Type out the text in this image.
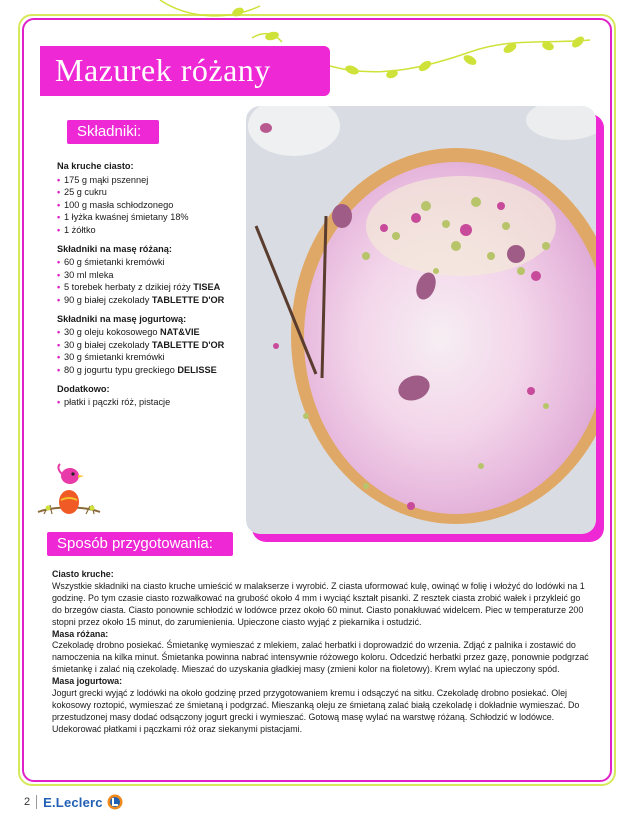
Mazurek różany
Składniki:
Na kruche ciasto:
• 175 g mąki pszennej
• 25 g cukru
• 100 g masła schłodzonego
• 1 łyżka kwaśnej śmietany 18%
• 1 żółtko
Składniki na masę różaną:
• 60 g śmietanki kremówki
• 30 ml mleka
• 5 torebek herbaty z dzikiej róży TISEA
• 90 g białej czekolady TABLETTE D'OR
Składniki na masę jogurtową:
• 30 g oleju kokosowego NAT&VIE
• 30 g białej czekolady TABLETTE D'OR
• 30 g śmietanki kremówki
• 80 g jogurtu typu greckiego DELISSE
Dodatkowo:
• płatki i pączki róż, pistacje
Sposób przygotowania:
Ciasto kruche:
Wszystkie składniki na ciasto kruche umieścić w malakserze i wyrobić. Z ciasta uformować kulę, owinąć w folię i włożyć do lodówki na 1 godzinę. Po tym czasie ciasto rozwałkować na grubość około 4 mm i wyciąć kształt pisanki. Z resztek ciasta zrobić wałek i przykleić go do brzegów ciasta. Ciasto ponownie schłodzić w lodówce przez około 60 minut. Ciasto ponakłuwać widelcem. Piec w temperaturze 200 stopni przez około 15 minut, do zarumienienia. Upieczone ciasto wyjąć z piekarnika i ostudzić.
Masa różana:
Czekoladę drobno posiekać. Śmietankę wymieszać z mlekiem, zalać herbatki i doprowadzić do wrzenia. Zdjąć z palnika i zostawić do namoczenia na kilka minut. Śmietanka powinna nabrać intensywnie różowego koloru. Odcedzić herbatki przez gazę, ponownie podgrzać śmietankę i zalać nią czekoladę. Mieszać do uzyskania gładkiej masy (zmieni kolor na fioletowy). Krem wylać na upieczony spód.
Masa jogurtowa:
Jogurt grecki wyjąć z lodówki na około godzinę przed przygotowaniem kremu i odsączyć na sitku. Czekoladę drobno posiekać. Olej kokosowy roztopić, wymieszać ze śmietaną i podgrzać. Mieszanką oleju ze śmietaną zalać białą czekoladę i dokładnie wymieszać. Do przestudzonej masy dodać odsączony jogurt grecki i wymieszać. Gotową masę wylać na warstwę różaną. Schłodzić w lodówce. Udekorować płatkami i pączkami róż oraz siekanymi pistacjami.
2 E.Leclerc
